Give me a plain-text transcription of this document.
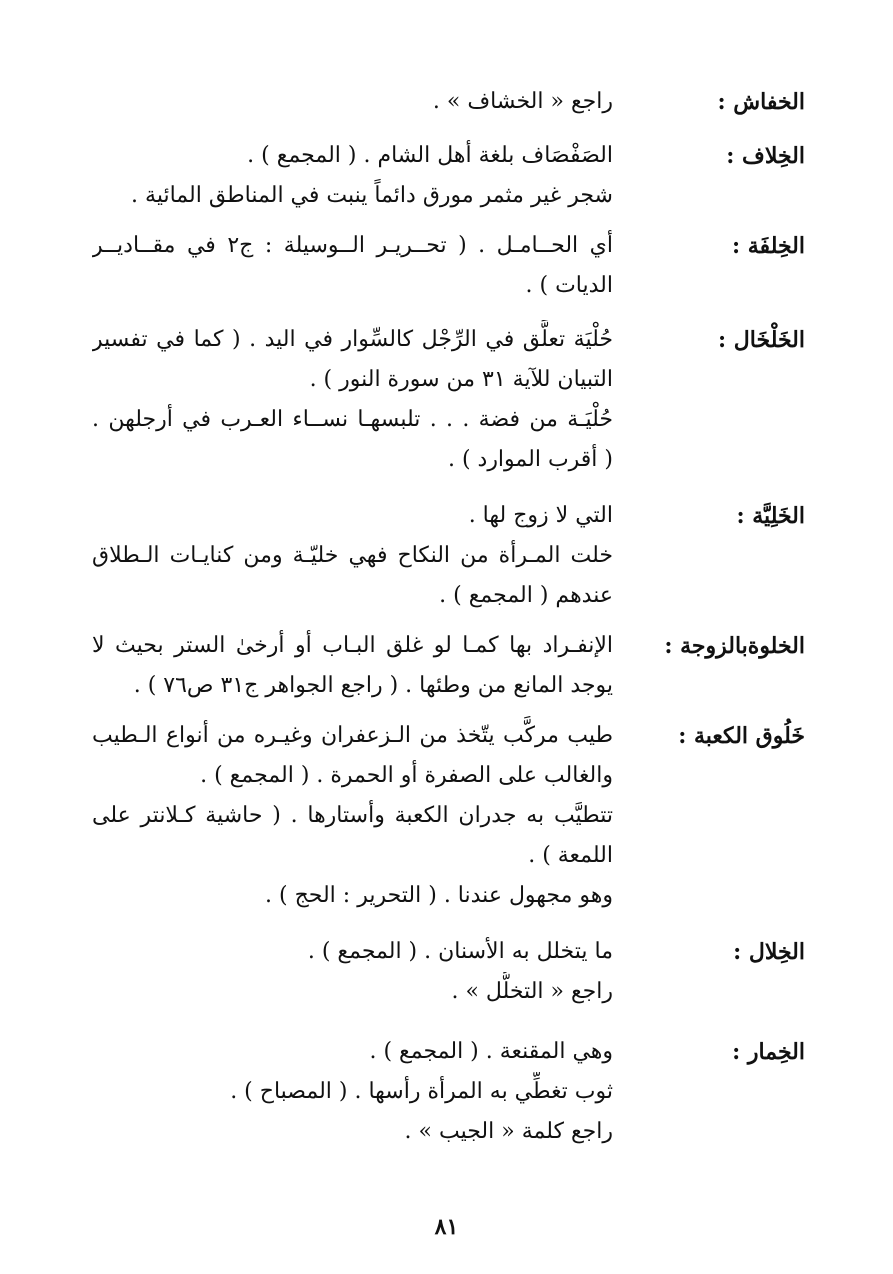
الخفاش :
راجع « الخشاف » .
الخِلاف :
الصَفْصَاف بلغة أهل الشام . ( المجمع ) .
شجر غير مثمر مورق دائماً ينبت في المناطق المائية .
الخِلفَة :
أي الحــامـل . ( تحــريـر الــوسيلة : ج٢ في مقــاديــر
الديات ) .
الخَلْخَال :
حُلْيَة تعلَّق في الرِّجْل كالسِّوار في اليد . ( كما في تفسير
التبيان للآية ٣١ من سورة النور ) .
حُلْيَـة من فضة . . . تلبسهـا نســاء العـرب في أرجلهن .
( أقرب الموارد ) .
الخَلِيَّة :
التي لا زوج لها .
خلت المـرأة من النكاح فهي خليّـة ومن كنايـات الـطلاق
عندهم ( المجمع ) .
الخلوةبالزوجة :
الإنفـراد بها كمـا لو غلق البـاب أو أرخىٰ الستر بحيث لا
يوجد المانع من وطئها . ( راجع الجواهر ج٣١ ص٧٦ ) .
خَلُوق الكعبة :
طيب مركَّب يتّخذ من الـزعفران وغيـره من أنواع الـطيب
والغالب على الصفرة أو الحمرة . ( المجمع ) .
تتطيَّب به جدران الكعبة وأستارها . ( حاشية كـلانتر على
اللمعة ) .
وهو مجهول عندنا . ( التحرير : الحج ) .
الخِلال :
ما يتخلل به الأسنان . ( المجمع ) .
راجع « التخلُّل » .
الخِمار :
وهي المقنعة . ( المجمع ) .
ثوب تغطِّي به المرأة رأسها . ( المصباح ) .
راجع كلمة « الجيب » .
٨١
